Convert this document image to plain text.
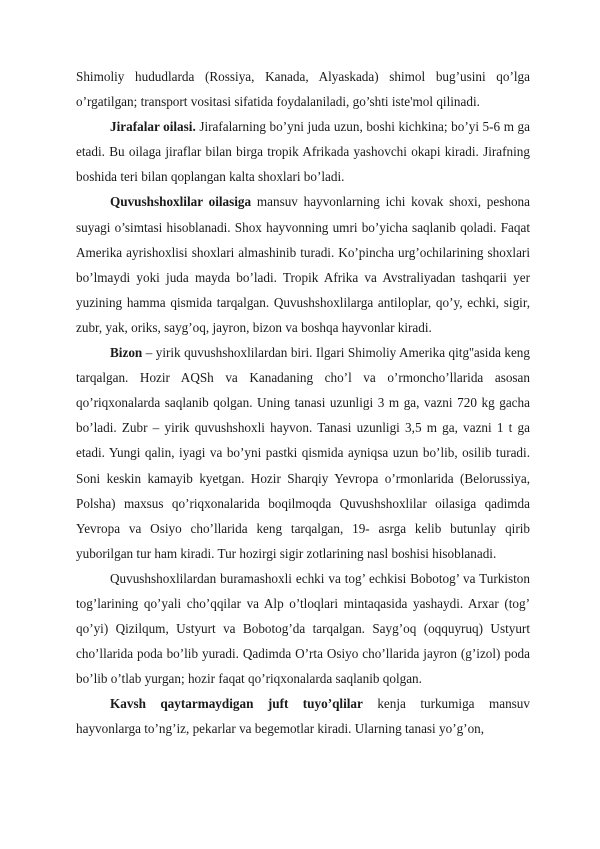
Shimoliy hududlarda (Rossiya, Kanada, Alyaskada) shimol bug’usini qo’lga o’rgatilgan; transport vositasi sifatida foydalaniladi, go’shti iste'mol qilinadi.

Jirafalar oilasi. Jirafalarning bo’yni juda uzun, boshi kichkina; bo’yi 5-6 m ga etadi. Bu oilaga jiraflar bilan birga tropik Afrikada yashovchi okapi kiradi. Jirafning boshida teri bilan qoplangan kalta shoxlari bo’ladi.

Quvushshoxlilar oilasiga mansuv hayvonlarning ichi kovak shoxi, peshona suyagi o’simtasi hisoblanadi. Shox hayvonning umri bo’yicha saqlanib qoladi. Faqat Amerika ayrishoxlisi shoxlari almashinib turadi. Ko’pincha urg’ochilarining shoxlari bo’lmaydi yoki juda mayda bo’ladi. Tropik Afrika va Avstraliyadan tashqarii yer yuzining hamma qismida tarqalgan. Quvushshoxlilarga antiloplar, qo’y, echki, sigir, zubr, yak, oriks, sayg’oq, jayron, bizon va boshqa hayvonlar kiradi.

Bizon – yirik quvushshoxlilardan biri. Ilgari Shimoliy Amerika qitg''asida keng tarqalgan. Hozir AQSh va Kanadaning cho’l va o’rmoncho’llarida asosan qo’riqxonalarda saqlanib qolgan. Uning tanasi uzunligi 3 m ga, vazni 720 kg gacha bo’ladi. Zubr – yirik quvushshoxli hayvon. Tanasi uzunligi 3,5 m ga, vazni 1 t ga etadi. Yungi qalin, iyagi va bo’yni pastki qismida ayniqsa uzun bo’lib, osilib turadi. Soni keskin kamayib kyetgan. Hozir Sharqiy Yevropa o’rmonlarida (Belorussiya, Polsha) maxsus qo’riqxonalarida boqilmoqda Quvushshoxlilar oilasiga qadimda Yevropa va Osiyo cho’llarida keng tarqalgan, 19- asrga kelib butunlay qirib yuborilgan tur ham kiradi. Tur hozirgi sigir zotlarining nasl boshisi hisoblanadi.

Quvushshoxlilardan buramashoxli echki va tog’ echkisi Bobotog’ va Turkiston tog’larining qo’yali cho’qqilar va Alp o’tloqlari mintaqasida yashaydi. Arxar (tog’ qo’yi) Qizilqum, Ustyurt va Bobotog’da tarqalgan. Sayg’oq (oqquyruq) Ustyurt cho’llarida poda bo’lib yuradi. Qadimda O’rta Osiyo cho’llarida jayron (g’izol) poda bo’lib o’tlab yurgan; hozir faqat qo’riqxonalarda saqlanib qolgan.

Kavsh qaytarmaydigan juft tuyo’qlilar kenja turkumiga mansuv hayvonlarga to’ng’iz, pekarlar va begemotlar kiradi. Ularning tanasi yo’g’on,
